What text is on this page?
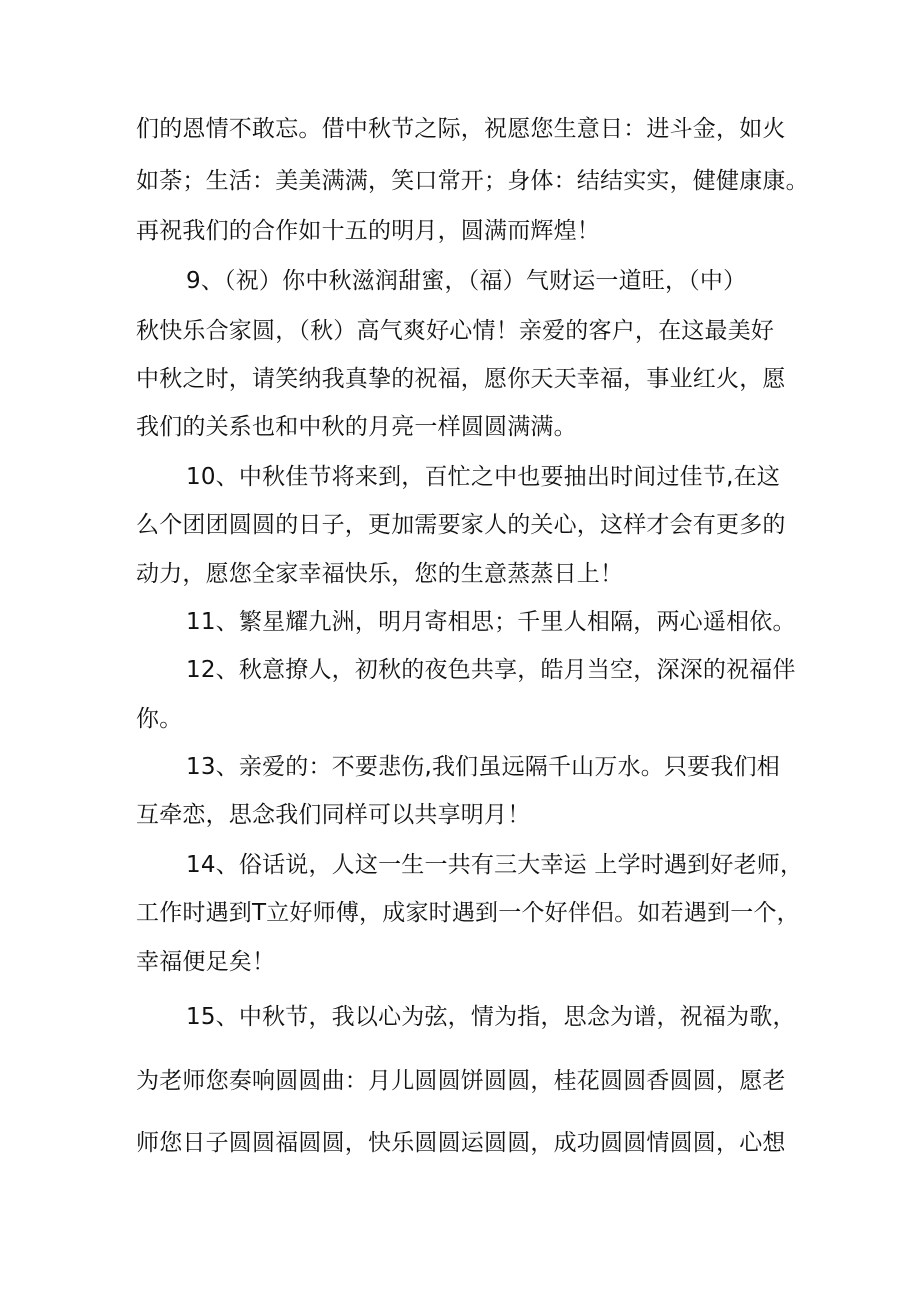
们的恩情不敢忘。借中秋节之际，祝愿您生意日：进斗金，如火
如荼；生活：美美满满，笑口常开；身体：结结实实，健健康康。
再祝我们的合作如十五的明月，圆满而辉煌！
9、（祝）你中秋滋润甜蜜，（福）气财运一道旺，（中）
秋快乐合家圆，（秋）高气爽好心情！亲爱的客户，在这最美好
中秋之时，请笑纳我真挚的祝福，愿你天天幸福，事业红火，愿
我们的关系也和中秋的月亮一样圆圆满满。
10、中秋佳节将来到，百忙之中也要抽出时间过佳节,在这
么个团团圆圆的日子，更加需要家人的关心，这样才会有更多的
动力，愿您全家幸福快乐，您的生意蒸蒸日上！
11、繁星耀九洲，明月寄相思；千里人相隔，两心遥相依。
12、秋意撩人，初秋的夜色共享，皓月当空，深深的祝福伴
你。
13、亲爱的：不要悲伤,我们虽远隔千山万水。只要我们相
互牵恋，思念我们同样可以共享明月！
14、俗话说，人这一生一共有三大幸运 上学时遇到好老师，
工作时遇到T立好师傅，成家时遇到一个好伴侣。如若遇到一个，
幸福便足矣！
15、中秋节，我以心为弦，情为指，思念为谱，祝福为歌，
为老师您奏响圆圆曲：月儿圆圆饼圆圆，桂花圆圆香圆圆，愿老
师您日子圆圆福圆圆，快乐圆圆运圆圆，成功圆圆情圆圆，心想
